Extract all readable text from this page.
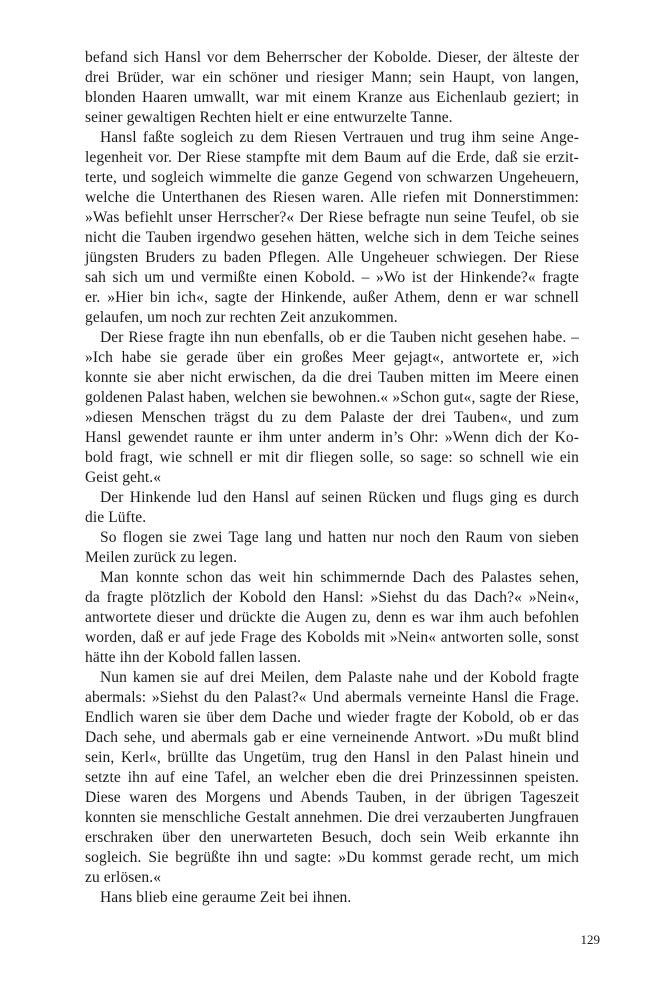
befand sich Hansl vor dem Beherrscher der Kobolde. Dieser, der älteste der
drei Brüder, war ein schöner und riesiger Mann; sein Haupt, von langen,
blonden Haaren umwallt, war mit einem Kranze aus Eichenlaub geziert; in
seiner gewaltigen Rechten hielt er eine entwurzelte Tanne.
Hansl faßte sogleich zu dem Riesen Vertrauen und trug ihm seine Ange-
legenheit vor. Der Riese stampfte mit dem Baum auf die Erde, daß sie erzit-
terte, und sogleich wimmelte die ganze Gegend von schwarzen Ungeheuern,
welche die Unterthanen des Riesen waren. Alle riefen mit Donnerstimmen:
»Was befiehlt unser Herrscher?« Der Riese befragte nun seine Teufel, ob sie
nicht die Tauben irgendwo gesehen hätten, welche sich in dem Teiche seines
jüngsten Bruders zu baden Pflegen. Alle Ungeheuer schwiegen. Der Riese
sah sich um und vermißte einen Kobold. – »Wo ist der Hinkende?« fragte
er. »Hier bin ich«, sagte der Hinkende, außer Athem, denn er war schnell
gelaufen, um noch zur rechten Zeit anzukommen.
Der Riese fragte ihn nun ebenfalls, ob er die Tauben nicht gesehen habe. –
»Ich habe sie gerade über ein großes Meer gejagt«, antwortete er, »ich
konnte sie aber nicht erwischen, da die drei Tauben mitten im Meere einen
goldenen Palast haben, welchen sie bewohnen.« »Schon gut«, sagte der Riese,
»diesen Menschen trägst du zu dem Palaste der drei Tauben«, und zum
Hansl gewendet raunte er ihm unter anderm in’s Ohr: »Wenn dich der Ko-
bold fragt, wie schnell er mit dir fliegen solle, so sage: so schnell wie ein
Geist geht.«
Der Hinkende lud den Hansl auf seinen Rücken und flugs ging es durch
die Lüfte.
So flogen sie zwei Tage lang und hatten nur noch den Raum von sieben
Meilen zurück zu legen.
Man konnte schon das weit hin schimmernde Dach des Palastes sehen,
da fragte plötzlich der Kobold den Hansl: »Siehst du das Dach?« »Nein«,
antwortete dieser und drückte die Augen zu, denn es war ihm auch befohlen
worden, daß er auf jede Frage des Kobolds mit »Nein« antworten solle, sonst
hätte ihn der Kobold fallen lassen.
Nun kamen sie auf drei Meilen, dem Palaste nahe und der Kobold fragte
abermals: »Siehst du den Palast?« Und abermals verneinte Hansl die Frage.
Endlich waren sie über dem Dache und wieder fragte der Kobold, ob er das
Dach sehe, und abermals gab er eine verneinende Antwort. »Du mußt blind
sein, Kerl«, brüllte das Ungetüm, trug den Hansl in den Palast hinein und
setzte ihn auf eine Tafel, an welcher eben die drei Prinzessinnen speisten.
Diese waren des Morgens und Abends Tauben, in der übrigen Tageszeit
konnten sie menschliche Gestalt annehmen. Die drei verzauberten Jungfrauen
erschraken über den unerwarteten Besuch, doch sein Weib erkannte ihn
sogleich. Sie begrüßte ihn und sagte: »Du kommst gerade recht, um mich
zu erlösen.«
Hans blieb eine geraume Zeit bei ihnen.
129
